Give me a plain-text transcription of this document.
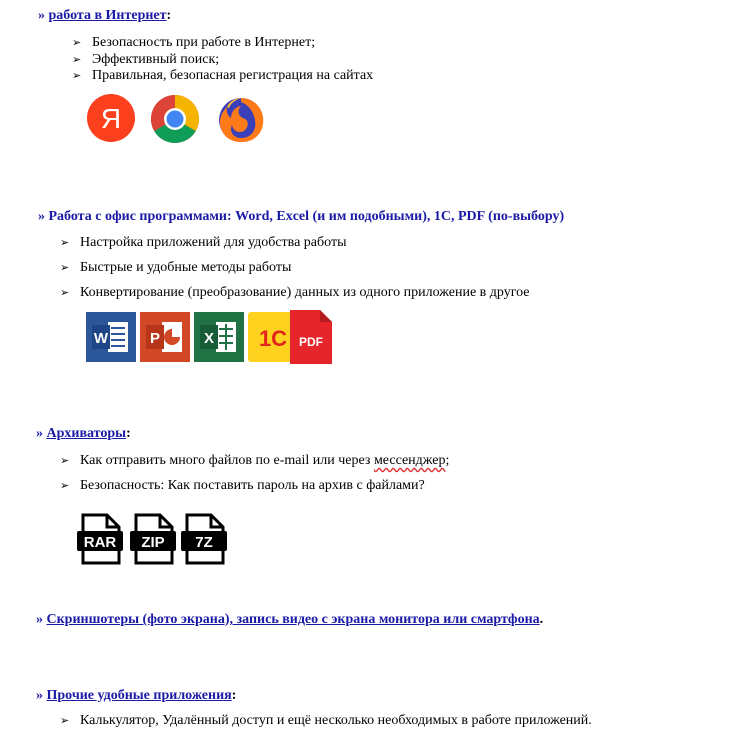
» работа в Интернет:
➢ Безопасность при работе в Интернет;
➢ Эффективный поиск;
➢ Правильная, безопасная регистрация на сайтах
Я
» Работа с офис программами: Word, Excel (и им подобными), 1С, PDF (по-выбору)
➢ Настройка приложений для удобства работы
➢ Быстрые и удобные методы работы
➢ Конвертирование (преобразование) данных из одного приложение в другое
W	P	X 1С PDF
» Архиваторы:
➢ Как отправить много файлов по e-mail или через мессенджер;
➢ Безопасность: Как поставить пароль на архив с файлами?
RAR ZIP 7Z
» Скриншотеры (фото экрана), запись видео с экрана монитора или смартфона.
» Прочие удобные приложения:
➢ Калькулятор, Удалённый доступ и ещё несколько необходимых в работе приложений.
